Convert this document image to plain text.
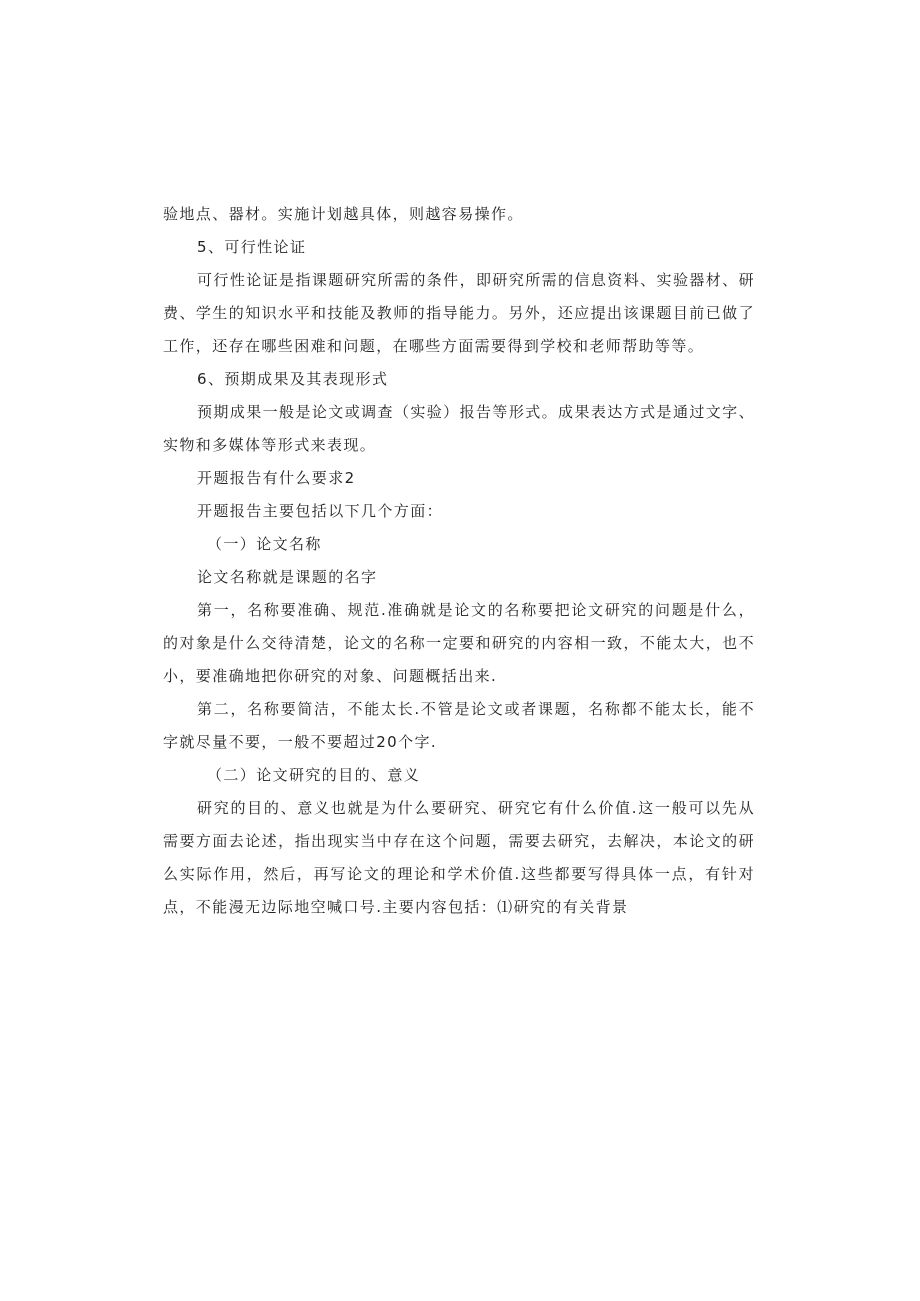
验地点、器材。实施计划越具体，则越容易操作。
5、可行性论证
可行性论证是指课题研究所需的条件，即研究所需的信息资料、实验器材、研
费、学生的知识水平和技能及教师的指导能力。另外，还应提出该课题目前已做了
工作，还存在哪些困难和问题，在哪些方面需要得到学校和老师帮助等等。
6、预期成果及其表现形式
预期成果一般是论文或调查（实验）报告等形式。成果表达方式是通过文字、
实物和多媒体等形式来表现。
开题报告有什么要求2
开题报告主要包括以下几个方面：
（一）论文名称
论文名称就是课题的名字
第一，名称要准确、规范.准确就是论文的名称要把论文研究的问题是什么，
的对象是什么交待清楚，论文的名称一定要和研究的内容相一致，不能太大，也不
小，要准确地把你研究的对象、问题概括出来.
第二，名称要简洁，不能太长.不管是论文或者课题，名称都不能太长，能不
字就尽量不要，一般不要超过20个字.
（二）论文研究的目的、意义
研究的目的、意义也就是为什么要研究、研究它有什么价值.这一般可以先从
需要方面去论述，指出现实当中存在这个问题，需要去研究，去解决，本论文的研
么实际作用，然后，再写论文的理论和学术价值.这些都要写得具体一点，有针对
点，不能漫无边际地空喊口号.主要内容包括：⑴研究的有关背景
